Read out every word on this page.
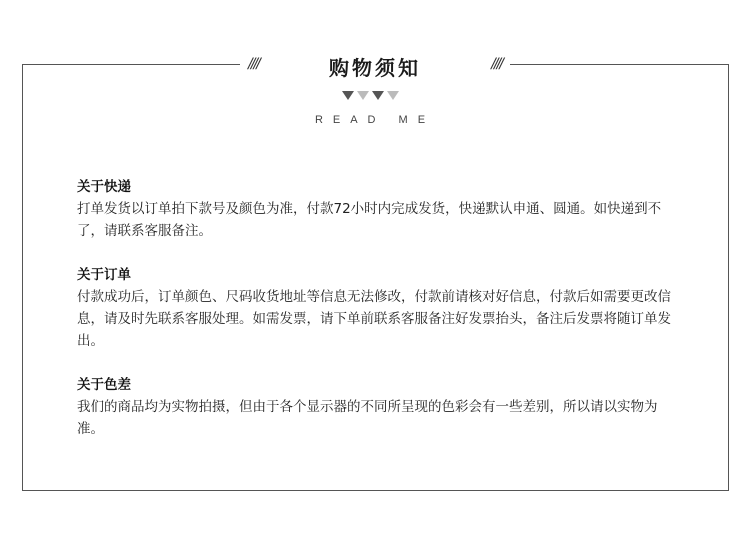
////	购物须知	////
READ ME
关于快递
打单发货以订单拍下款号及颜色为准，付款72小时内完成发货，快递默认申通、圆通。如快递到不了，请联系客服备注。
关于订单
付款成功后，订单颜色、尺码收货地址等信息无法修改，付款前请核对好信息，付款后如需要更改信息，请及时先联系客服处理。如需发票，请下单前联系客服备注好发票抬头，备注后发票将随订单发出。
关于色差
我们的商品均为实物拍摄，但由于各个显示器的不同所呈现的色彩会有一些差别，所以请以实物为准。
